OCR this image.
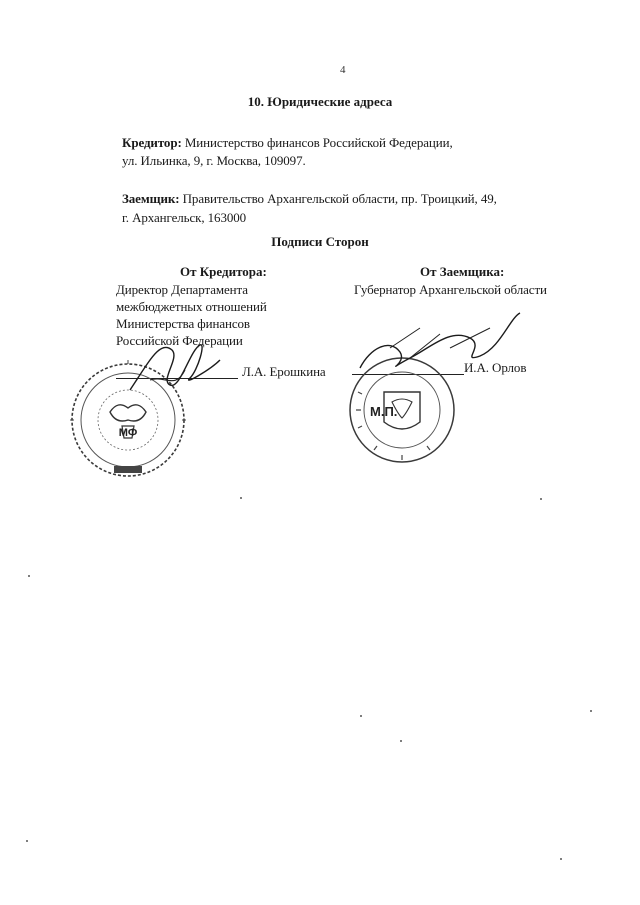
4
10. Юридические адреса
Кредитор: Министерство финансов Российской Федерации,
ул. Ильинка, 9, г. Москва, 109097.
Заемщик: Правительство Архангельской области, пр. Троицкий, 49,
г. Архангельск, 163000
Подписи Сторон
От Кредитора:
Директор Департамента
межбюджетных отношений
Министерства финансов
Российской Федерации
Л.А. Ерошкина
От Заемщика:
Губернатор Архангельской области
И.А. Орлов
МФ
М.П.
